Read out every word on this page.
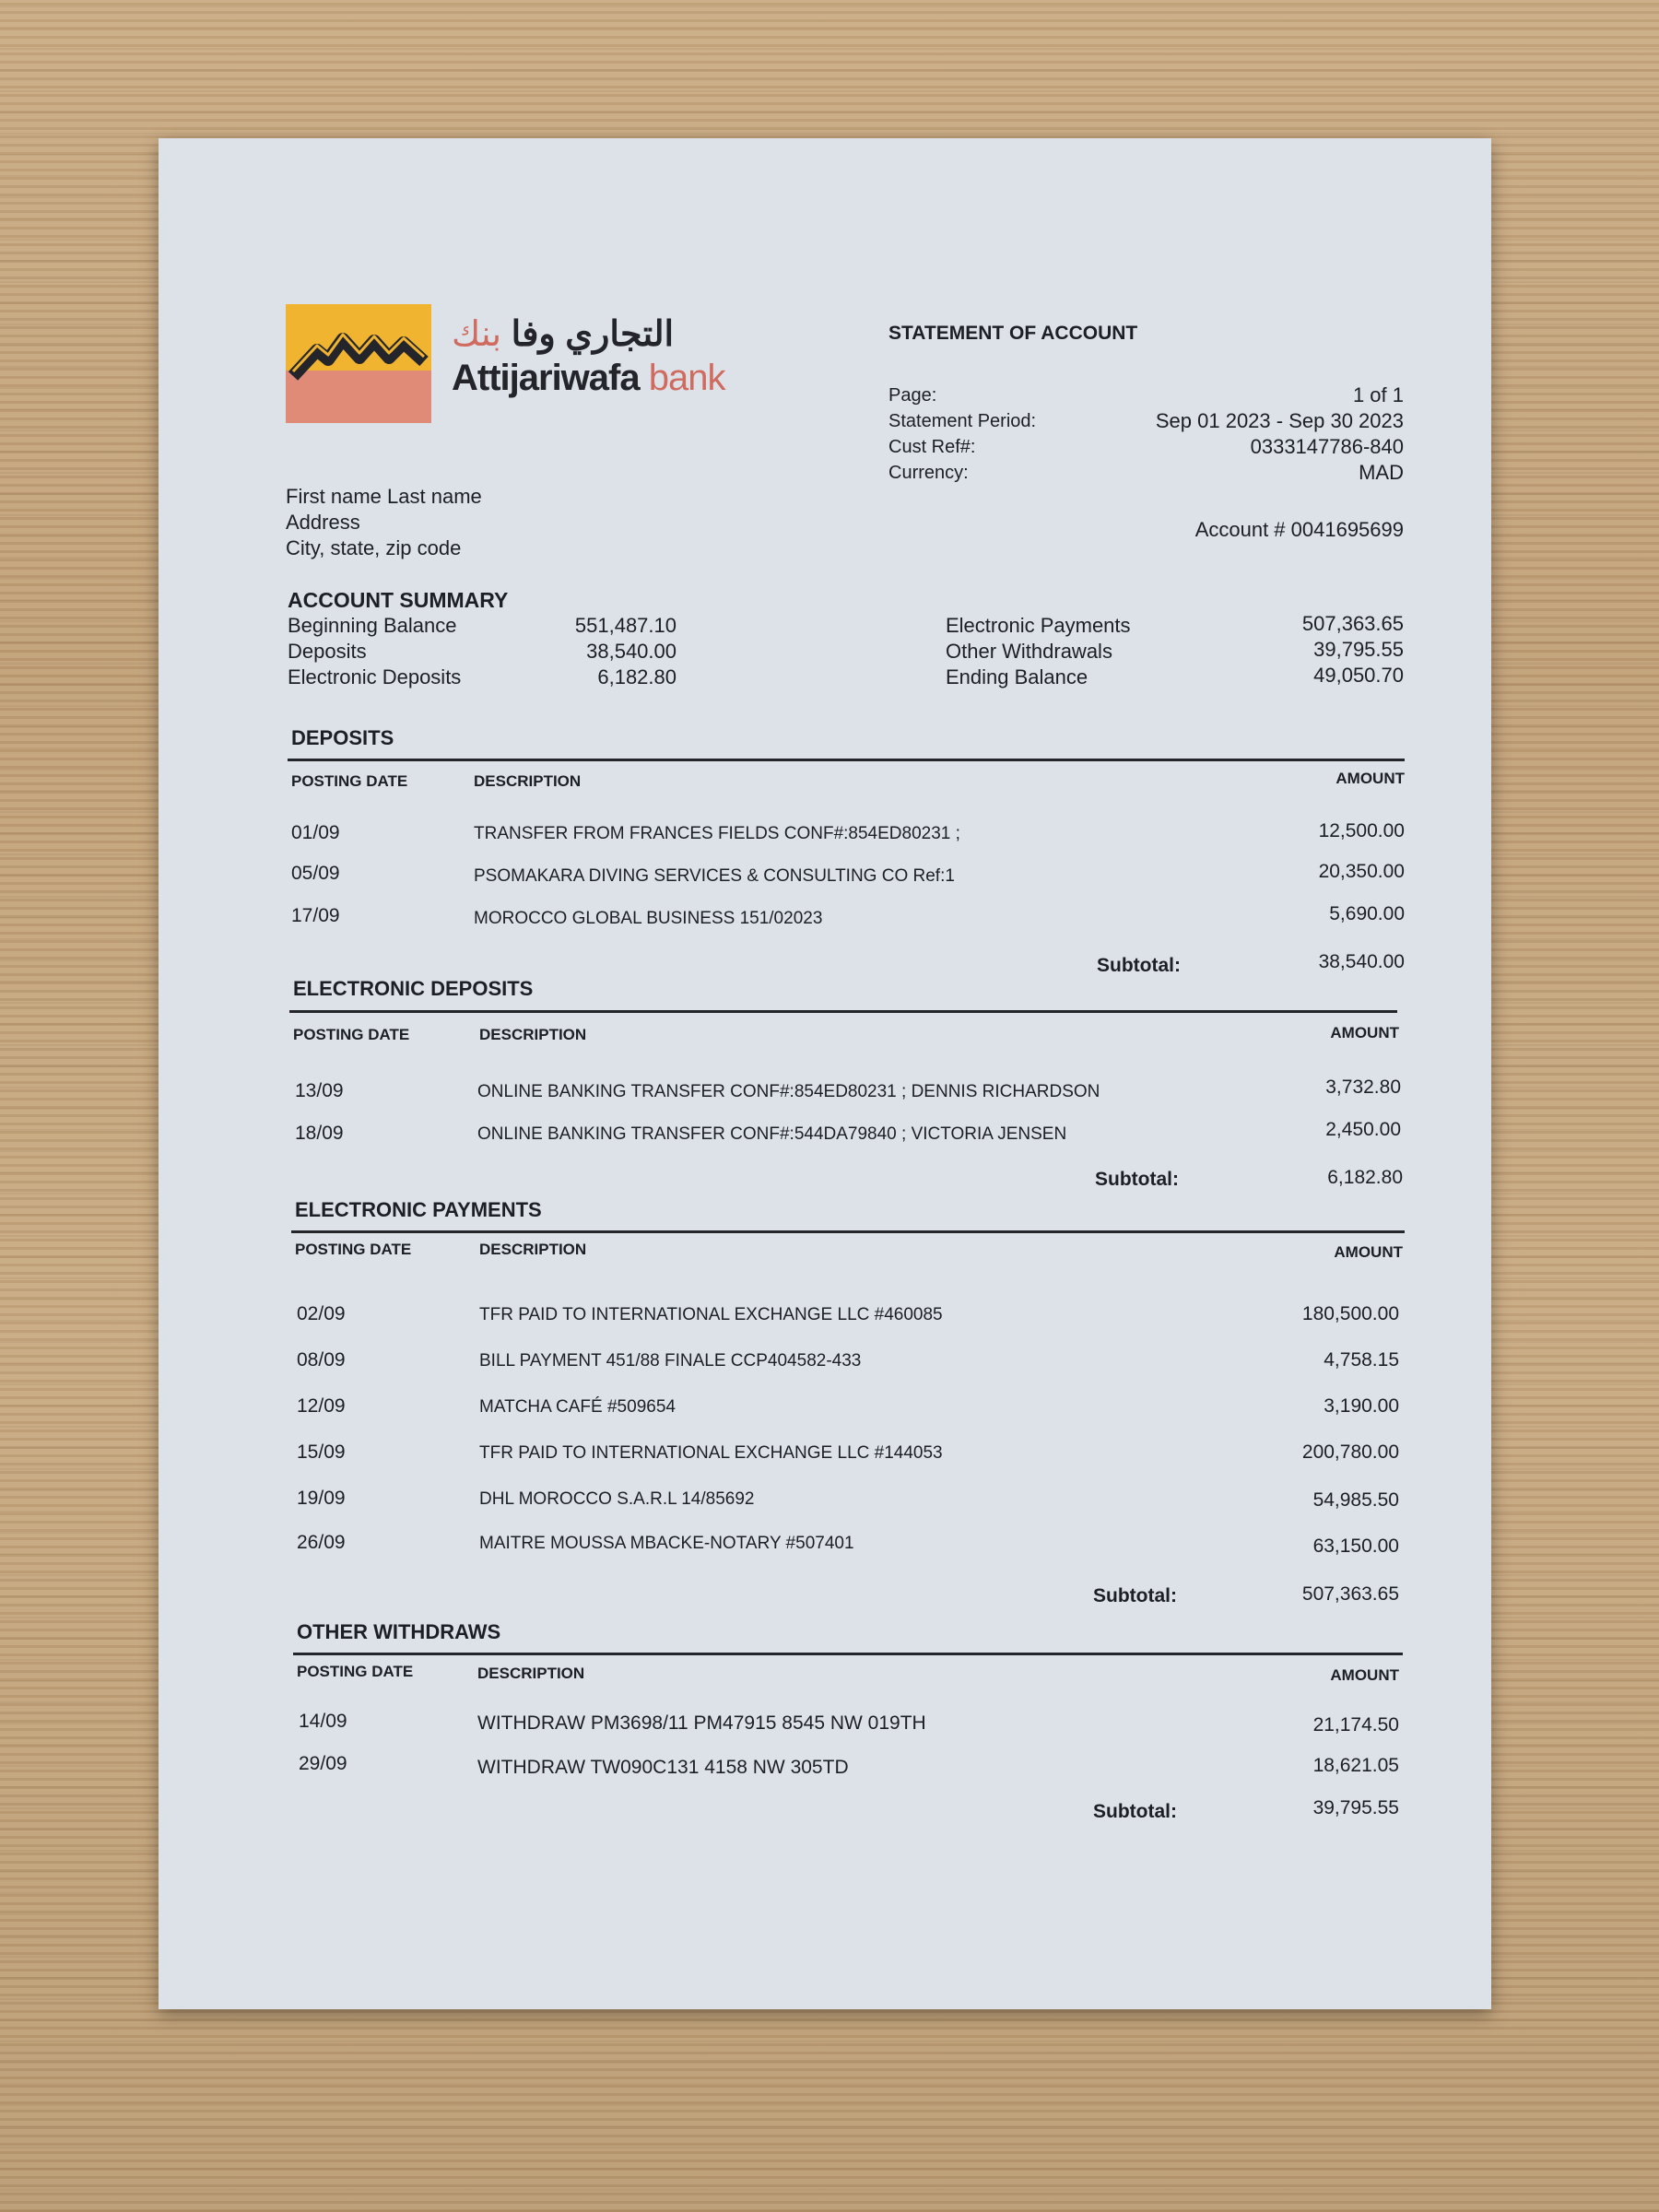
التجاري وفا بنك
Attijariwafa bank
STATEMENT OF ACCOUNT
Page:	1 of 1
Statement Period:	Sep 01 2023 - Sep 30 2023
Cust Ref#:	0333147786-840
Currency:	MAD
Account # 0041695699
First name Last name
Address
City, state, zip code
ACCOUNT SUMMARY
Beginning Balance	551,487.10
Deposits	38,540.00
Electronic Deposits	6,182.80
Electronic Payments	507,363.65
Other Withdrawals	39,795.55
Ending Balance	49,050.70
DEPOSITS
POSTING DATE	DESCRIPTION	AMOUNT
01/09	TRANSFER FROM FRANCES FIELDS CONF#:854ED80231 ;	12,500.00
05/09	PSOMAKARA DIVING SERVICES & CONSULTING CO Ref:1	20,350.00
17/09	MOROCCO GLOBAL BUSINESS 151/02023	5,690.00
Subtotal:	38,540.00
ELECTRONIC DEPOSITS
POSTING DATE	DESCRIPTION	AMOUNT
13/09	ONLINE BANKING TRANSFER CONF#:854ED80231 ; DENNIS RICHARDSON	3,732.80
18/09	ONLINE BANKING TRANSFER CONF#:544DA79840 ; VICTORIA JENSEN	2,450.00
Subtotal:	6,182.80
ELECTRONIC PAYMENTS
POSTING DATE	DESCRIPTION	AMOUNT
02/09	TFR PAID TO INTERNATIONAL EXCHANGE LLC #460085	180,500.00
08/09	BILL PAYMENT 451/88 FINALE CCP404582-433	4,758.15
12/09	MATCHA CAFÉ #509654	3,190.00
15/09	TFR PAID TO INTERNATIONAL EXCHANGE LLC #144053	200,780.00
19/09	DHL MOROCCO S.A.R.L 14/85692	54,985.50
26/09	MAITRE MOUSSA MBACKE-NOTARY #507401	63,150.00
Subtotal:	507,363.65
OTHER WITHDRAWS
POSTING DATE	DESCRIPTION	AMOUNT
14/09	WITHDRAW PM3698/11 PM47915 8545 NW 019TH	21,174.50
29/09	WITHDRAW TW090C131 4158 NW 305TD	18,621.05
Subtotal:	39,795.55
